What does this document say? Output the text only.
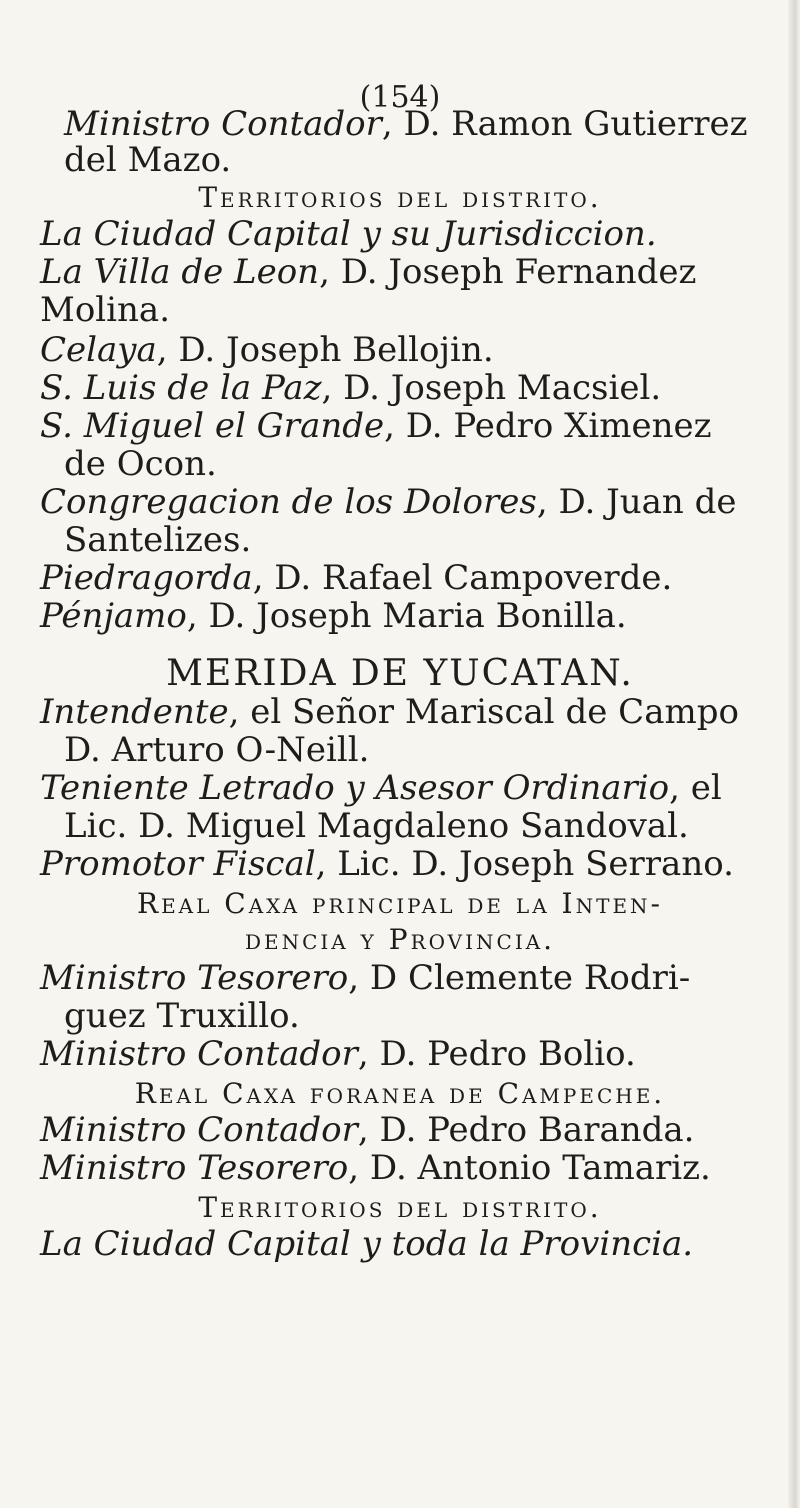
(154)
Ministro Contador, D. Ramon Gutierrez
del Mazo.
Territorios del distrito.
La Ciudad Capital y su Jurisdiccion.
La Villa de Leon, D. Joseph Fernandez
Molina.
Celaya, D. Joseph Bellojin.
S. Luis de la Paz, D. Joseph Macsiel.
S. Miguel el Grande, D. Pedro Ximenez
de Ocon.
Congregacion de los Dolores, D. Juan de
Santelizes.
Piedragorda, D. Rafael Campoverde.
Pénjamo, D. Joseph Maria Bonilla.
MERIDA DE YUCATAN.
Intendente, el Señor Mariscal de Campo
D. Arturo O-Neill.
Teniente Letrado y Asesor Ordinario, el
Lic. D. Miguel Magdaleno Sandoval.
Promotor Fiscal, Lic. D. Joseph Serrano.
Real Caxa principal de la Inten-
dencia y Provincia.
Ministro Tesorero, D Clemente Rodri-
guez Truxillo.
Ministro Contador, D. Pedro Bolio.
Real Caxa foranea de Campeche.
Ministro Contador, D. Pedro Baranda.
Ministro Tesorero, D. Antonio Tamariz.
Territorios del distrito.
La Ciudad Capital y toda la Provincia.
